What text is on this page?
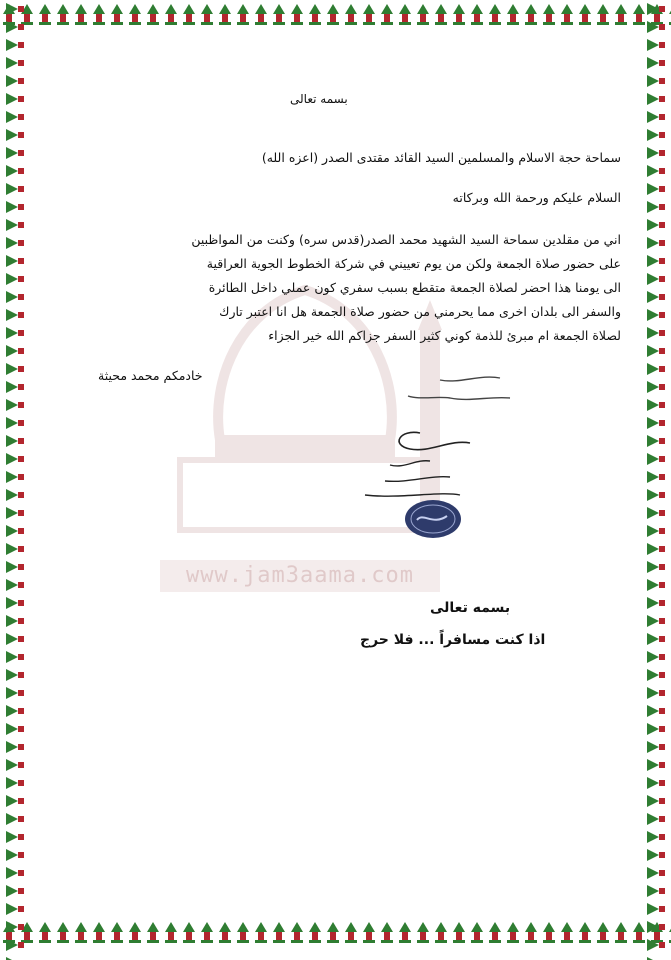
www.jam3aama.com
بسمه تعالى
سماحة حجة الاسلام والمسلمين السيد القائد مقتدى الصدر (اعزه الله)
السلام عليكم ورحمة الله وبركاته
اني من مقلدين سماحة السيد الشهيد محمد الصدر(قدس سره) وكنت من المواظبين
على حضور صلاة الجمعة ولكن من يوم تعييني في شركة الخطوط الجوية العراقية
الى يومنا هذا احضر لصلاة الجمعة متقطع بسبب سفري كون عملي داخل الطائرة
والسفر الى بلدان اخرى مما يحرمني من حضور صلاة الجمعة هل انا اعتبر تارك
لصلاة الجمعة ام مبرئ للذمة كوني كثير السفر جزاكم الله خير الجزاء
خادمكم محمد محيثة
بسمه تعالى
اذا كنت مسافراً ... فلا حرج
